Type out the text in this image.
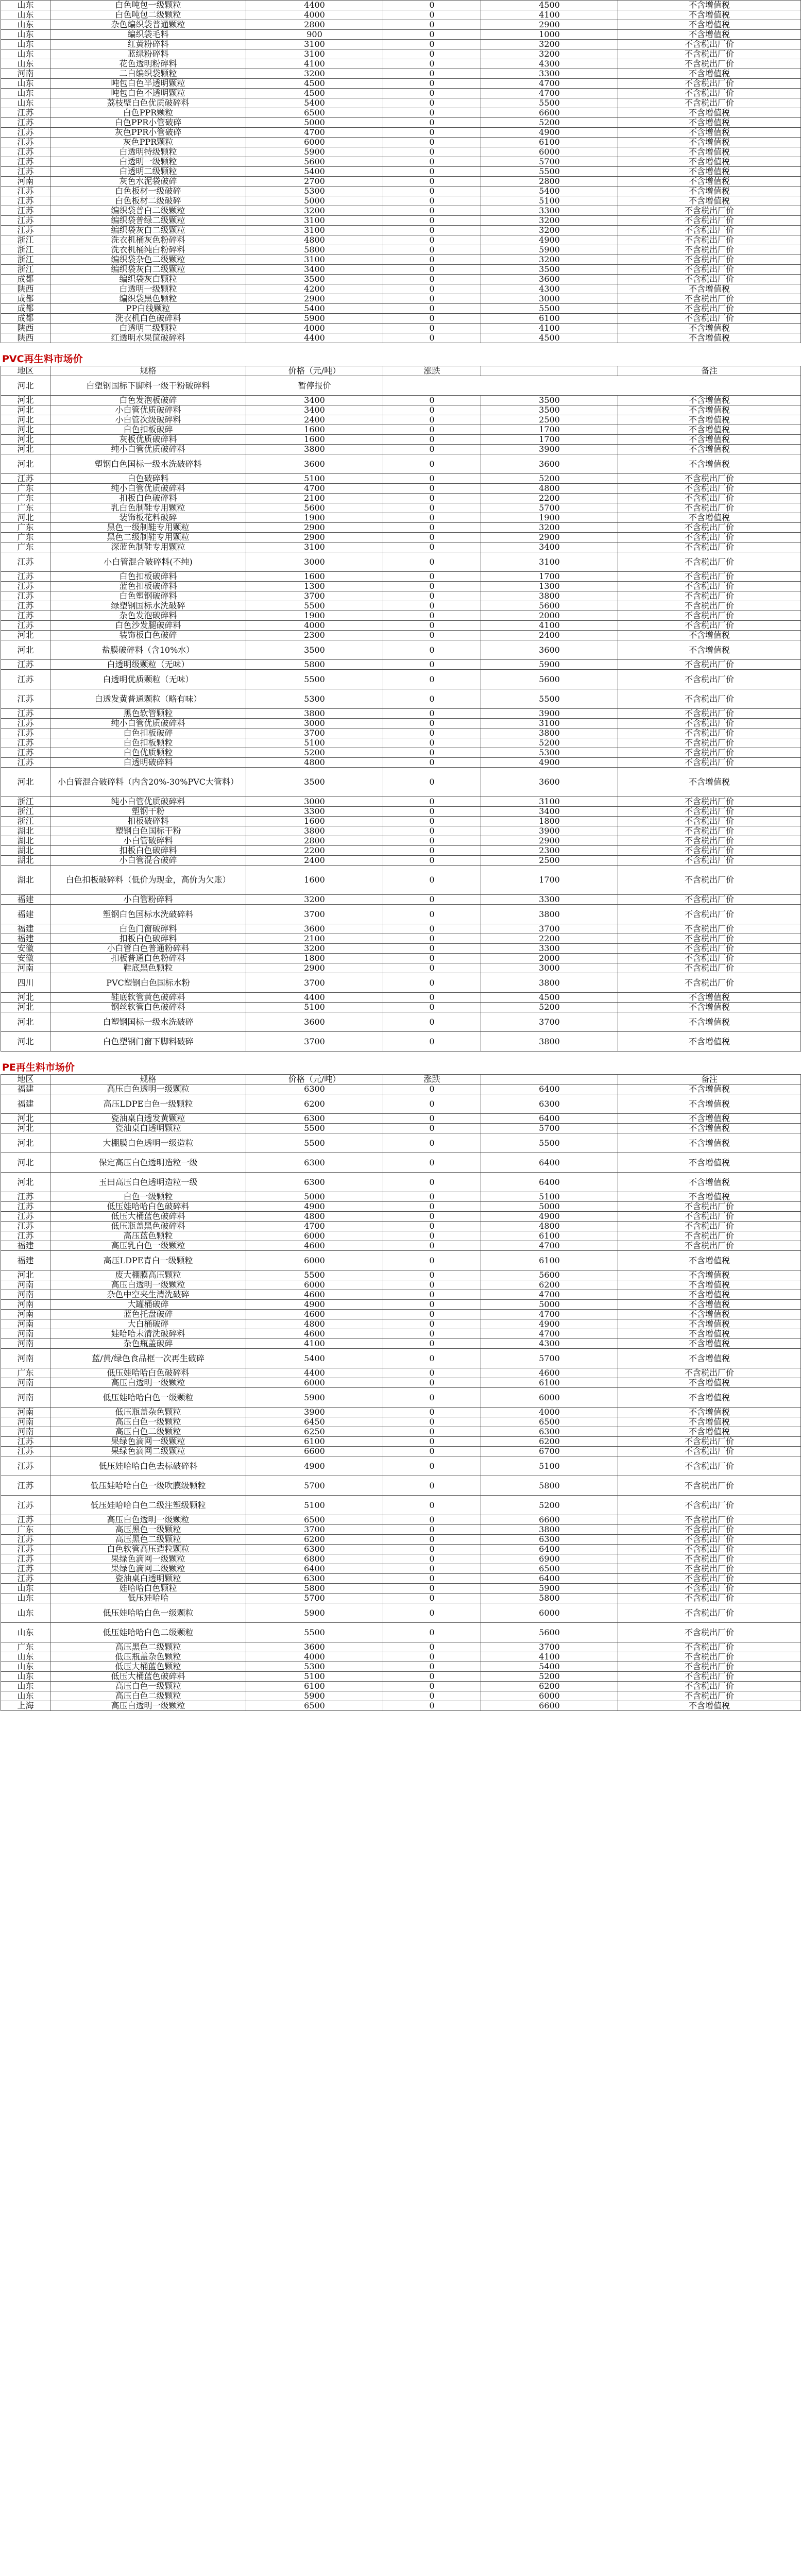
山东	白色吨包一级颗粒	4400	0	4500	不含增值税
山东	白色吨包二级颗粒	4000	0	4100	不含增值税
山东	杂色编织袋普通颗粒	2800	0	2900	不含增值税
山东	编织袋毛料	900	0	1000	不含增值税
山东	红黄粉碎料	3100	0	3200	不含税出厂价
山东	蓝绿粉碎料	3100	0	3200	不含税出厂价
山东	花色透明粉碎料	4100	0	4300	不含税出厂价
河南	二白编织袋颗粒	3200	0	3300	不含增值税
山东	吨包白色半透明颗粒	4500	0	4700	不含税出厂价
山东	吨包白色不透明颗粒	4500	0	4700	不含税出厂价
山东	荔枝壁白色优质破碎料	5400	0	5500	不含税出厂价
江苏	白色PPR颗粒	6500	0	6600	不含增值税
江苏	白色PPR小管破碎	5000	0	5200	不含增值税
江苏	灰色PPR小管破碎	4700	0	4900	不含增值税
江苏	灰色PPR颗粒	6000	0	6100	不含增值税
江苏	白透明特级颗粒	5900	0	6000	不含增值税
江苏	白透明一级颗粒	5600	0	5700	不含增值税
江苏	白透明二级颗粒	5400	0	5500	不含增值税
河南	灰色水泥袋破碎	2700	0	2800	不含增值税
江苏	白色板材一级破碎	5300	0	5400	不含增值税
江苏	白色板材二级破碎	5000	0	5100	不含增值税
江苏	编织袋普白二级颗粒	3200	0	3300	不含税出厂价
江苏	编织袋普绿二级颗粒	3100	0	3200	不含税出厂价
江苏	编织袋灰白二级颗粒	3100	0	3200	不含税出厂价
浙江	洗衣机桶灰色粉碎料	4800	0	4900	不含税出厂价
浙江	洗衣机桶纯白粉碎料	5800	0	5900	不含税出厂价
浙江	编织袋杂色二级颗粒	3100	0	3200	不含税出厂价
浙江	编织袋灰白二级颗粒	3400	0	3500	不含税出厂价
成都	编织袋灰白颗粒	3500	0	3600	不含税出厂价
陕西	白透明一级颗粒	4200	0	4300	不含增值税
成都	编织袋黑色颗粒	2900	0	3000	不含税出厂价
成都	PP白线颗粒	5400	0	5500	不含税出厂价
成都	洗衣机白色破碎料	5900	0	6100	不含税出厂价
陕西	白透明二级颗粒	4000	0	4100	不含增值税
陕西	红透明水果筐破碎料	4400	0	4500	不含增值税
PVC再生料市场价
地区	规格	价格（元/吨）	涨跌		备注
河北	白塑钢国标下脚料一级干粉破碎料	暂停报价			
河北	白色发泡板破碎	3400	0	3500	不含增值税
河北	小白管优质破碎料	3400	0	3500	不含增值税
河北	小白管次级破碎料	2400	0	2500	不含增值税
河北	白色扣板破碎	1600	0	1700	不含增值税
河北	灰板优质破碎料	1600	0	1700	不含增值税
河北	纯小白管优质破碎料	3800	0	3900	不含增值税
河北	塑钢白色国标一级水洗破碎料	3600	0	3600	不含增值税
江苏	白色破碎料	5100	0	5200	不含税出厂价
广东	纯小白管优质破碎料	4700	0	4800	不含税出厂价
广东	扣板白色破碎料	2100	0	2200	不含税出厂价
广东	乳白色制鞋专用颗粒	5600	0	5700	不含税出厂价
河北	装饰板花料破碎	1900	0	1900	不含增值税
广东	黑色一级制鞋专用颗粒	2900	0	3200	不含税出厂价
广东	黑色二级制鞋专用颗粒	2900	0	2900	不含税出厂价
广东	深蓝色制鞋专用颗粒	3100	0	3400	不含税出厂价
江苏	小白管混合破碎料(不纯)	3000	0	3100	不含税出厂价
江苏	白色扣板破碎料	1600	0	1700	不含税出厂价
江苏	蓝色扣板破碎料	1300	0	1300	不含税出厂价
江苏	白色塑钢破碎料	3700	0	3800	不含税出厂价
江苏	绿塑钢国标水洗破碎	5500	0	5600	不含税出厂价
江苏	杂色发泡破碎料	1900	0	2000	不含税出厂价
江苏	白色沙发腿破碎料	4000	0	4100	不含税出厂价
河北	装饰板白色破碎	2300	0	2400	不含增值税
河北	盐膜破碎料（含10%水）	3500	0	3600	不含增值税
江苏	白透明级颗粒（无味）	5800	0	5900	不含税出厂价
江苏	白透明优质颗粒（无味）	5500	0	5600	不含税出厂价
江苏	白透发黄普通颗粒（略有味）	5300	0	5500	不含税出厂价
江苏	黑色软管颗粒	3800	0	3900	不含税出厂价
江苏	纯小白管优质破碎料	3000	0	3100	不含税出厂价
江苏	白色扣板破碎	3700	0	3800	不含税出厂价
江苏	白色扣板颗粒	5100	0	5200	不含税出厂价
江苏	白色优质颗粒	5200	0	5300	不含税出厂价
江苏	白透明破碎料	4800	0	4900	不含税出厂价
河北	小白管混合破碎料（内含20%-30%PVC大管料）	3500	0	3600	不含增值税
浙江	纯小白管优质破碎料	3000	0	3100	不含税出厂价
浙江	塑钢干粉	3300	0	3400	不含税出厂价
浙江	扣板破碎料	1600	0	1800	不含税出厂价
湖北	塑钢白色国标干粉	3800	0	3900	不含税出厂价
湖北	小白管破碎料	2800	0	2900	不含税出厂价
湖北	扣板白色破碎料	2200	0	2300	不含税出厂价
湖北	小白管混合破碎	2400	0	2500	不含税出厂价
湖北	白色扣板破碎料（低价为现金，高价为欠账）	1600	0	1700	不含税出厂价
福建	小白管粉碎料	3200	0	3300	不含税出厂价
福建	塑钢白色国标水洗破碎料	3700	0	3800	不含税出厂价
福建	白色门窗破碎料	3600	0	3700	不含税出厂价
福建	扣板白色破碎料	2100	0	2200	不含税出厂价
安徽	小白管白色普通粉碎料	3200	0	3300	不含税出厂价
安徽	扣板普通白色粉碎料	1800	0	2000	不含税出厂价
河南	鞋底黑色颗粒	2900	0	3000	不含税出厂价
四川	PVC塑钢白色国标水粉	3700	0	3800	不含税出厂价
河北	鞋底软管黄色破碎料	4400	0	4500	不含增值税
河北	钢丝软管白色破碎料	5100	0	5200	不含增值税
河北	白塑钢国标一级水洗破碎	3600	0	3700	不含增值税
河北	白色塑钢门窗下脚料破碎	3700	0	3800	不含增值税
PE再生料市场价
地区	规格	价格（元/吨）	涨跌		备注
福建	高压白色透明一级颗粒	6300	0	6400	不含增值税
福建	高压LDPE白色一级颗粒	6200	0	6300	不含增值税
河北	瓷油桌白透发黄颗粒	6300	0	6400	不含增值税
河北	瓷油桌白透明颗粒	5500	0	5700	不含增值税
河北	大棚膜白色透明一级造粒	5500	0	5500	不含增值税
河北	保定高压白色透明造粒一级	6300	0	6400	不含增值税
河北	玉田高压白色透明造粒一级	6300	0	6400	不含增值税
江苏	白色一级颗粒	5000	0	5100	不含增值税
江苏	低压娃哈哈白色破碎料	4900	0	5000	不含税出厂价
江苏	低压大桶蓝色破碎料	4800	0	4900	不含税出厂价
江苏	低压瓶盖黑色破碎料	4700	0	4800	不含税出厂价
江苏	高压蓝色颗粒	6000	0	6100	不含税出厂价
福建	高压乳白色一级颗粒	4600	0	4700	不含税出厂价
福建	高压LDPE青白一级颗粒	6000	0	6100	不含增值税
河北	废大棚膜高压颗粒	5500	0	5600	不含增值税
河南	高压白透明一级颗粒	6000	0	6200	不含增值税
河南	杂色中空夹生清洗破碎	4600	0	4700	不含增值税
河南	大罐桶破碎	4900	0	5000	不含增值税
河南	蓝色托盘破碎	4600	0	4700	不含增值税
河南	大白桶破碎	4800	0	4900	不含增值税
河南	娃哈哈未清洗破碎料	4600	0	4700	不含增值税
河南	杂色瓶盖破碎	4100	0	4300	不含增值税
河南	蓝/黄/绿色食品框一次再生破碎	5400	0	5700	不含增值税
广东	低压娃哈哈白色破碎料	4400	0	4600	不含税出厂价
河南	高压白透明一级颗粒	6000	0	6100	不含增值税
河南	低压娃哈哈白色一级颗粒	5900	0	6000	不含增值税
河南	低压瓶盖杂色颗粒	3900	0	4000	不含增值税
河南	高压白色一级颗粒	6450	0	6500	不含增值税
河南	高压白色二级颗粒	6250	0	6300	不含增值税
江苏	果绿色滴网一级颗粒	6100	0	6200	不含税出厂价
江苏	果绿色滴网二级颗粒	6600	0	6700	不含税出厂价
江苏	低压娃哈哈白色去标破碎料	4900	0	5100	不含税出厂价
江苏	低压娃哈哈白色一级吹膜级颗粒	5700	0	5800	不含税出厂价
江苏	低压娃哈哈白色二级注塑级颗粒	5100	0	5200	不含税出厂价
江苏	高压白色透明一级颗粒	6500	0	6600	不含税出厂价
广东	高压黑色一级颗粒	3700	0	3800	不含税出厂价
江苏	高压黑色二级颗粒	6200	0	6300	不含税出厂价
江苏	白色软管高压造粒颗粒	6300	0	6400	不含税出厂价
江苏	果绿色滴网一级颗粒	6800	0	6900	不含税出厂价
江苏	果绿色滴网二级颗粒	6400	0	6500	不含税出厂价
江苏	瓷油桌白透明颗粒	6300	0	6400	不含税出厂价
山东	娃哈哈白色颗粒	5800	0	5900	不含税出厂价
山东	低压娃哈哈	5700	0	5800	不含税出厂价
山东	低压娃哈哈白色一级颗粒	5900	0	6000	不含税出厂价
山东	低压娃哈哈白色二级颗粒	5500	0	5600	不含税出厂价
广东	高压黑色二级颗粒	3600	0	3700	不含税出厂价
山东	低压瓶盖杂色颗粒	4000	0	4100	不含税出厂价
山东	低压大桶蓝色颗粒	5300	0	5400	不含税出厂价
山东	低压大桶蓝色破碎料	5100	0	5200	不含税出厂价
山东	高压白色一级颗粒	6100	0	6200	不含税出厂价
山东	高压白色二级颗粒	5900	0	6000	不含税出厂价
上海	高压白透明一级颗粒	6500	0	6600	不含增值税
